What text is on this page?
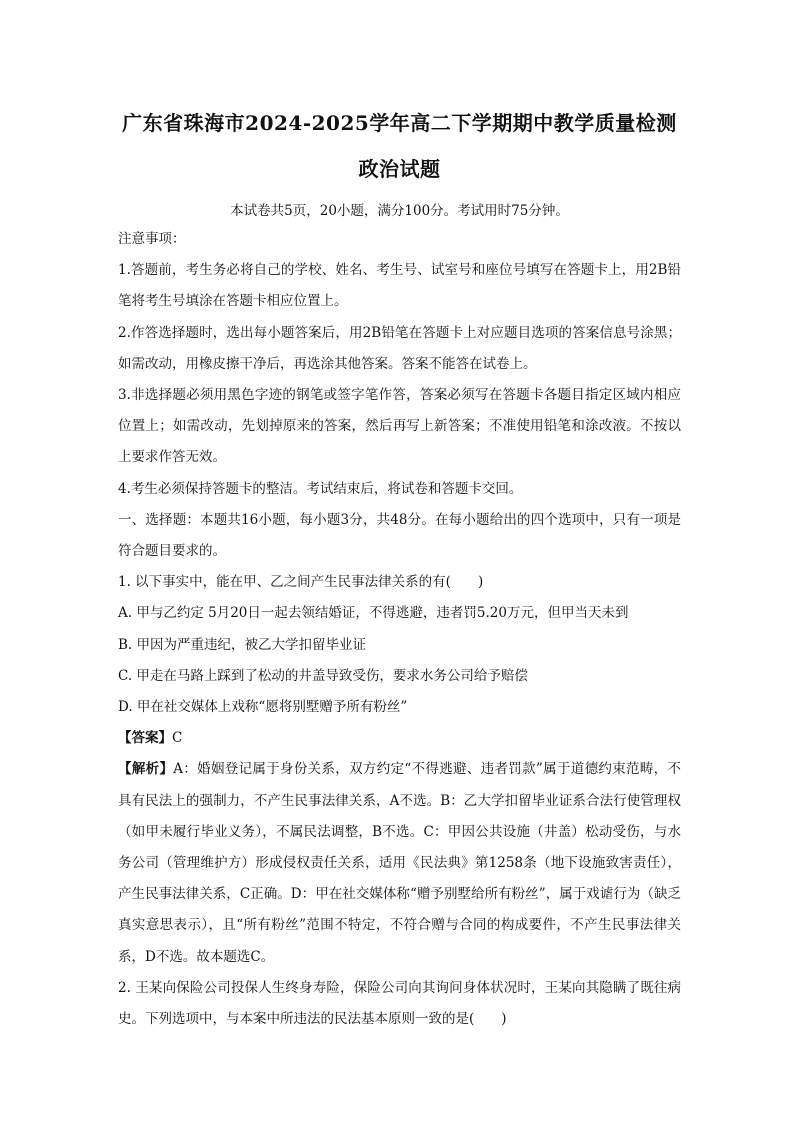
广东省珠海市2024-2025学年高二下学期期中教学质量检测
政治试题

本试卷共5页，20小题，满分100分。考试用时75分钟。

注意事项：

1.答题前，考生务必将自己的学校、姓名、考生号、试室号和座位号填写在答题卡上，用2B铅笔将考生号填涂在答题卡相应位置上。

2.作答选择题时，选出每小题答案后，用2B铅笔在答题卡上对应题目选项的答案信息号涂黑；如需改动，用橡皮擦干净后，再选涂其他答案。答案不能答在试卷上。

3.非选择题必须用黑色字迹的钢笔或签字笔作答，答案必须写在答题卡各题目指定区域内相应位置上；如需改动，先划掉原来的答案，然后再写上新答案；不准使用铅笔和涂改液。不按以上要求作答无效。

4.考生必须保持答题卡的整洁。考试结束后，将试卷和答题卡交回。

一、选择题：本题共16小题，每小题3分，共48分。在每小题给出的四个选项中，只有一项是符合题目要求的。

1. 以下事实中，能在甲、乙之间产生民事法律关系的有(　　)

A. 甲与乙约定 5月20日一起去领结婚证，不得逃避，违者罚5.20万元，但甲当天未到

B. 甲因为严重违纪，被乙大学扣留毕业证

C. 甲走在马路上踩到了松动的井盖导致受伤，要求水务公司给予赔偿

D. 甲在社交媒体上戏称“愿将别墅赠予所有粉丝”

【答案】C

【解析】A：婚姻登记属于身份关系，双方约定“不得逃避、违者罚款”属于道德约束范畴，不具有民法上的强制力，不产生民事法律关系，A不选。B：乙大学扣留毕业证系合法行使管理权（如甲未履行毕业义务），不属民法调整，B不选。C：甲因公共设施（井盖）松动受伤，与水务公司（管理维护方）形成侵权责任关系，适用《民法典》第1258条（地下设施致害责任），产生民事法律关系，C正确。D：甲在社交媒体称“赠予别墅给所有粉丝”，属于戏谑行为（缺乏真实意思表示），且“所有粉丝”范围不特定，不符合赠与合同的构成要件，不产生民事法律关系，D不选。故本题选C。

2. 王某向保险公司投保人生终身寿险，保险公司向其询问身体状况时，王某向其隐瞒了既往病史。下列选项中，与本案中所违法的民法基本原则一致的是(　　)
